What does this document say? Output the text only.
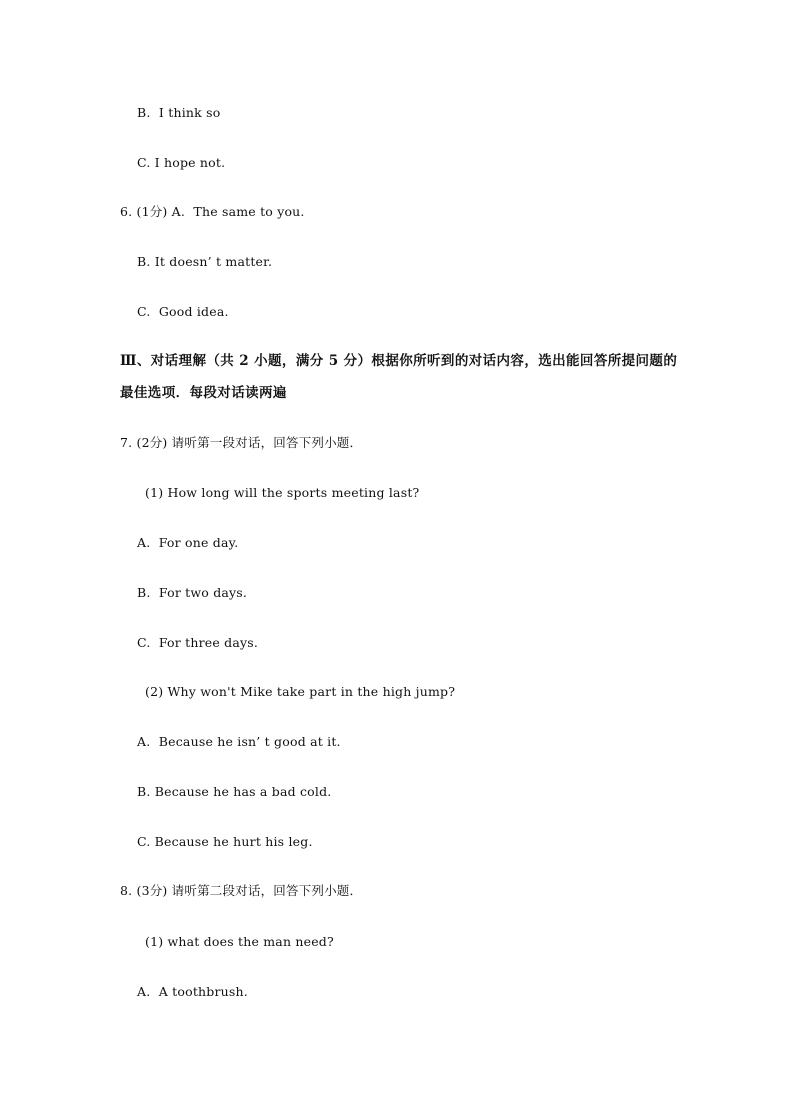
B.  I think so
C. I hope not.
6. (1分) A.  The same to you.
B. It doesn’ t matter.
C.  Good idea.
Ⅲ、对话理解（共 2 小题，满分 5 分）根据你所听到的对话内容，选出能回答所提问题的
最佳选项．每段对话读两遍
7. (2分) 请听第一段对话，回答下列小题．
(1) How long will the sports meeting last?
A.  For one day.
B.  For two days.
C.  For three days.
(2) Why won't Mike take part in the high jump?
A.  Because he isn’ t good at it.
B. Because he has a bad cold.
C. Because he hurt his leg.
8. (3分) 请听第二段对话，回答下列小题．
(1) what does the man need?
A.  A toothbrush.
